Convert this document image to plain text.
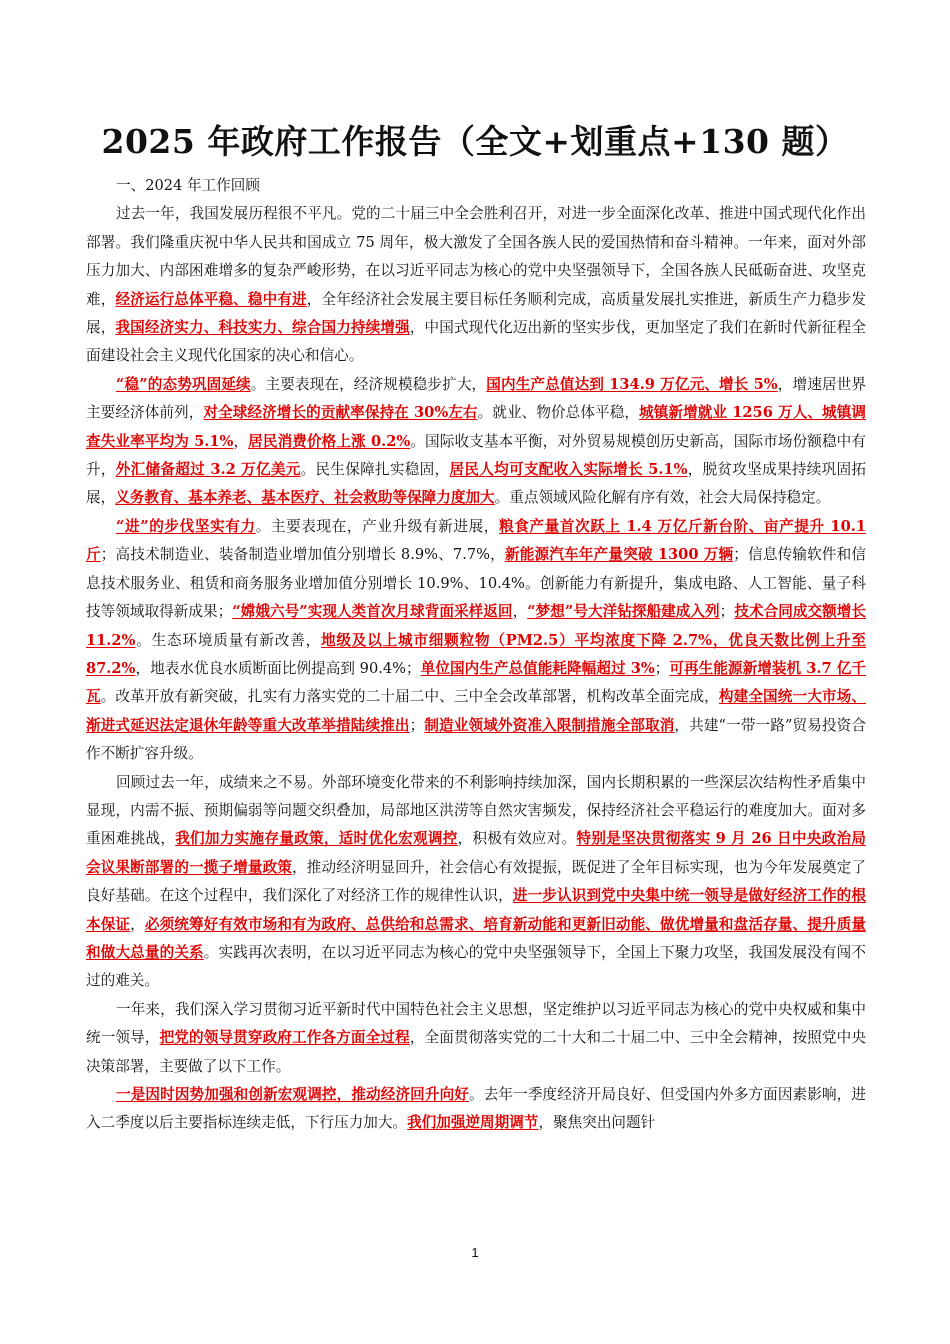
2025 年政府工作报告（全文+划重点+130 题）

一、2024 年工作回顾

过去一年，我国发展历程很不平凡。党的二十届三中全会胜利召开，对进一步全面深化改革、推进中国式现代化作出部署。我们隆重庆祝中华人民共和国成立 75 周年，极大激发了全国各族人民的爱国热情和奋斗精神。一年来，面对外部压力加大、内部困难增多的复杂严峻形势，在以习近平同志为核心的党中央坚强领导下，全国各族人民砥砺奋进、攻坚克难，经济运行总体平稳、稳中有进，全年经济社会发展主要目标任务顺利完成，高质量发展扎实推进，新质生产力稳步发展，我国经济实力、科技实力、综合国力持续增强，中国式现代化迈出新的坚实步伐，更加坚定了我们在新时代新征程全面建设社会主义现代化国家的决心和信心。

“稳”的态势巩固延续。主要表现在，经济规模稳步扩大，国内生产总值达到 134.9 万亿元、增长 5%，增速居世界主要经济体前列，对全球经济增长的贡献率保持在 30%左右。就业、物价总体平稳，城镇新增就业 1256 万人、城镇调查失业率平均为 5.1%，居民消费价格上涨 0.2%。国际收支基本平衡，对外贸易规模创历史新高，国际市场份额稳中有升，外汇储备超过 3.2 万亿美元。民生保障扎实稳固，居民人均可支配收入实际增长 5.1%，脱贫攻坚成果持续巩固拓展，义务教育、基本养老、基本医疗、社会救助等保障力度加大。重点领域风险化解有序有效，社会大局保持稳定。

“进”的步伐坚实有力。主要表现在，产业升级有新进展，粮食产量首次跃上 1.4 万亿斤新台阶、亩产提升 10.1 斤；高技术制造业、装备制造业增加值分别增长 8.9%、7.7%，新能源汽车年产量突破 1300 万辆；信息传输软件和信息技术服务业、租赁和商务服务业增加值分别增长 10.9%、10.4%。创新能力有新提升，集成电路、人工智能、量子科技等领域取得新成果；“嫦娥六号”实现人类首次月球背面采样返回，“梦想”号大洋钻探船建成入列；技术合同成交额增长 11.2%。生态环境质量有新改善，地级及以上城市细颗粒物（PM2.5）平均浓度下降 2.7%，优良天数比例上升至 87.2%，地表水优良水质断面比例提高到 90.4%；单位国内生产总值能耗降幅超过 3%；可再生能源新增装机 3.7 亿千瓦。改革开放有新突破，扎实有力落实党的二十届二中、三中全会改革部署，机构改革全面完成，构建全国统一大市场、渐进式延迟法定退休年龄等重大改革举措陆续推出；制造业领域外资准入限制措施全部取消，共建“一带一路”贸易投资合作不断扩容升级。

回顾过去一年，成绩来之不易。外部环境变化带来的不利影响持续加深，国内长期积累的一些深层次结构性矛盾集中显现，内需不振、预期偏弱等问题交织叠加，局部地区洪涝等自然灾害频发，保持经济社会平稳运行的难度加大。面对多重困难挑战，我们加力实施存量政策，适时优化宏观调控，积极有效应对。特别是坚决贯彻落实 9 月 26 日中央政治局会议果断部署的一揽子增量政策，推动经济明显回升，社会信心有效提振，既促进了全年目标实现，也为今年发展奠定了良好基础。在这个过程中，我们深化了对经济工作的规律性认识，进一步认识到党中央集中统一领导是做好经济工作的根本保证，必须统筹好有效市场和有为政府、总供给和总需求、培育新动能和更新旧动能、做优增量和盘活存量、提升质量和做大总量的关系。实践再次表明，在以习近平同志为核心的党中央坚强领导下，全国上下聚力攻坚，我国发展没有闯不过的难关。

一年来，我们深入学习贯彻习近平新时代中国特色社会主义思想，坚定维护以习近平同志为核心的党中央权威和集中统一领导，把党的领导贯穿政府工作各方面全过程，全面贯彻落实党的二十大和二十届二中、三中全会精神，按照党中央决策部署，主要做了以下工作。

一是因时因势加强和创新宏观调控，推动经济回升向好。去年一季度经济开局良好、但受国内外多方面因素影响，进入二季度以后主要指标连续走低，下行压力加大。我们加强逆周期调节，聚焦突出问题针

1
